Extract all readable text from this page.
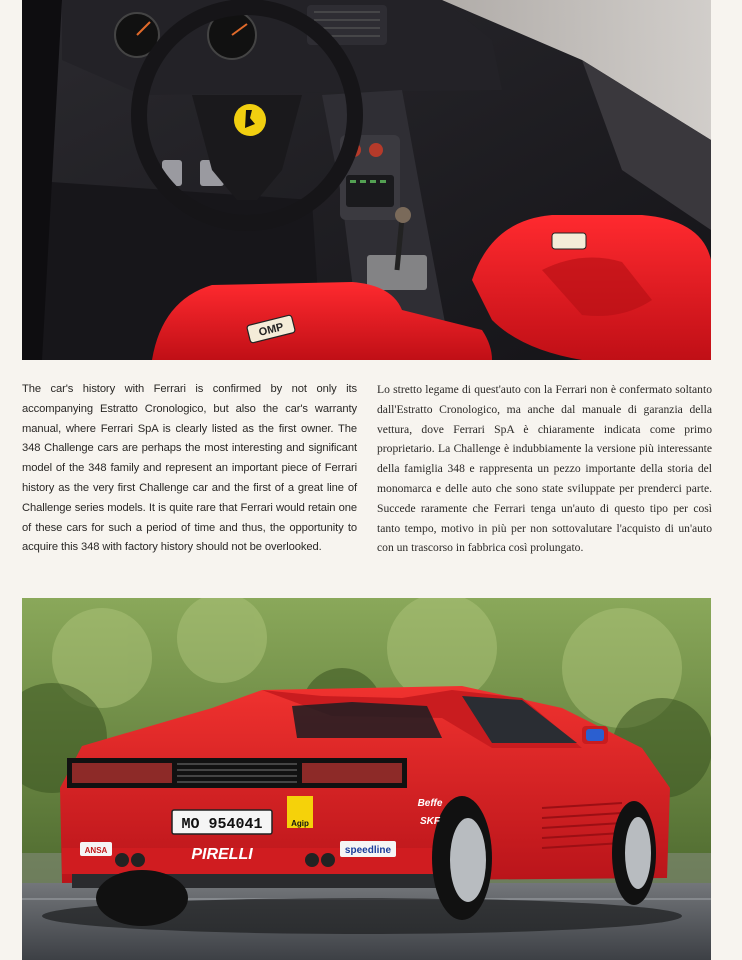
OMP
The car's history with Ferrari is confirmed by not only its accompanying Estratto Cronologico, but also the car's warranty manual, where Ferrari SpA is clearly listed as the first owner. The 348 Challenge cars are perhaps the most interesting and significant model of the 348 family and represent an important piece of Ferrari history as the very first Challenge car and the first of a great line of Challenge series models. It is quite rare that Ferrari would retain one of these cars for such a period of time and thus, the opportunity to acquire this 348 with factory history should not be overlooked.
Lo stretto legame di quest'auto con la Ferrari non è confermato soltanto dall'Estratto Cronologico, ma anche dal manuale di garanzia della vettura, dove Ferrari SpA è chiaramente indicata come primo proprietario. La Challenge è indubbiamente la versione più interessante della famiglia 348 e rappresenta un pezzo importante della storia del monomarca e delle auto che sono state sviluppate per prenderci parte. Succede raramente che Ferrari tenga un'auto di questo tipo per così tanto tempo, motivo in più per non sottovalutare l'acquisto di un'auto con un trascorso in fabbrica così prolungato.
MO 954041	Agip
PIRELLI	speedline
ANSA
Beffe
SKF
